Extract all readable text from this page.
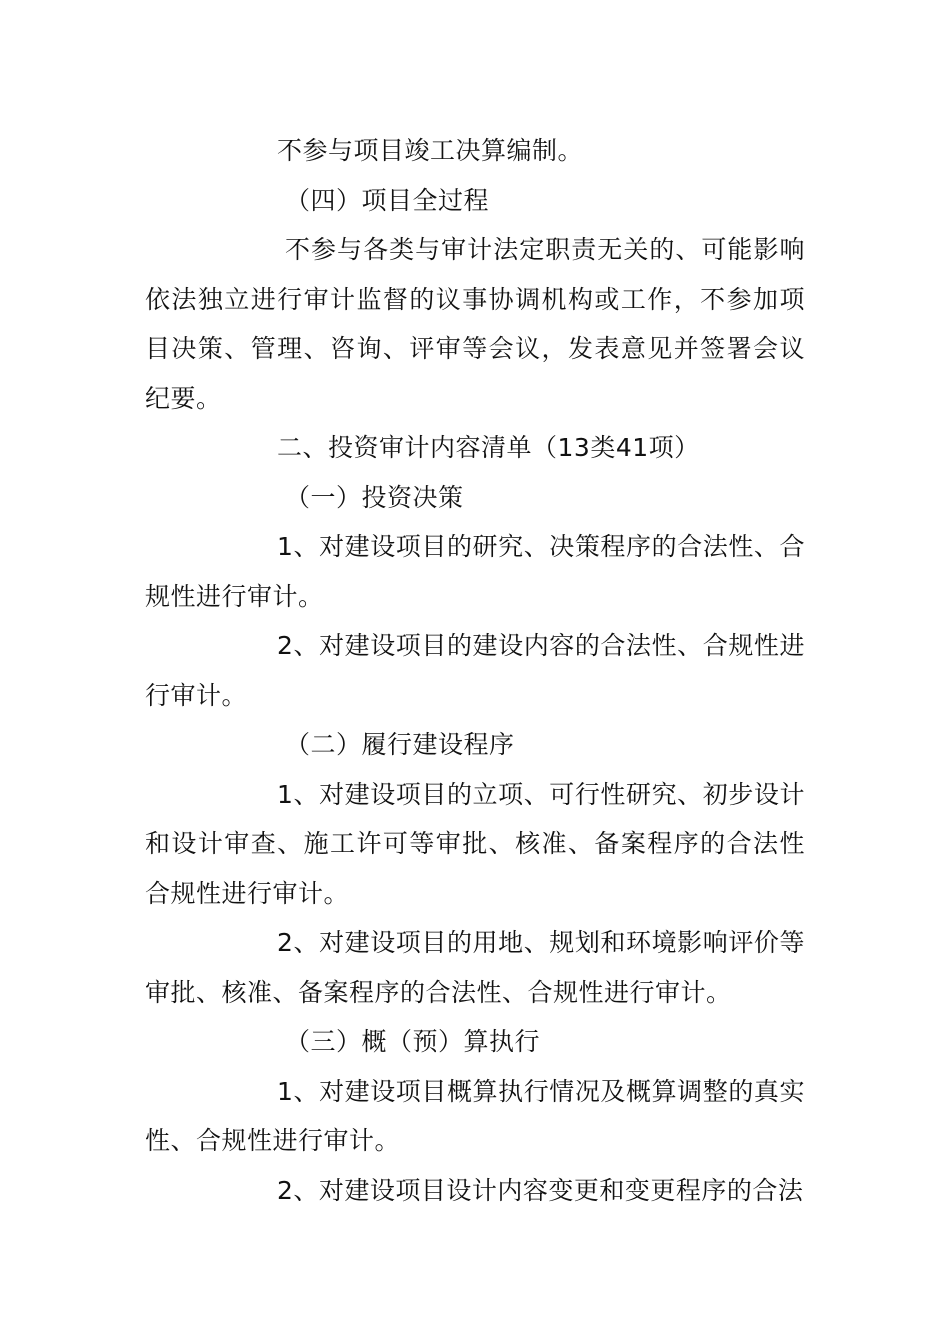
不参与项目竣工决算编制。

（四）项目全过程

不参与各类与审计法定职责无关的、可能影响依法独立进行审计监督的议事协调机构或工作，不参加项目决策、管理、咨询、评审等会议，发表意见并签署会议纪要。

二、投资审计内容清单（13类41项）

（一）投资决策

1、对建设项目的研究、决策程序的合法性、合规性进行审计。

2、对建设项目的建设内容的合法性、合规性进行审计。

（二）履行建设程序

1、对建设项目的立项、可行性研究、初步设计和设计审查、施工许可等审批、核准、备案程序的合法性合规性进行审计。

2、对建设项目的用地、规划和环境影响评价等审批、核准、备案程序的合法性、合规性进行审计。

（三）概（预）算执行

1、对建设项目概算执行情况及概算调整的真实性、合规性进行审计。

2、对建设项目设计内容变更和变更程序的合法
